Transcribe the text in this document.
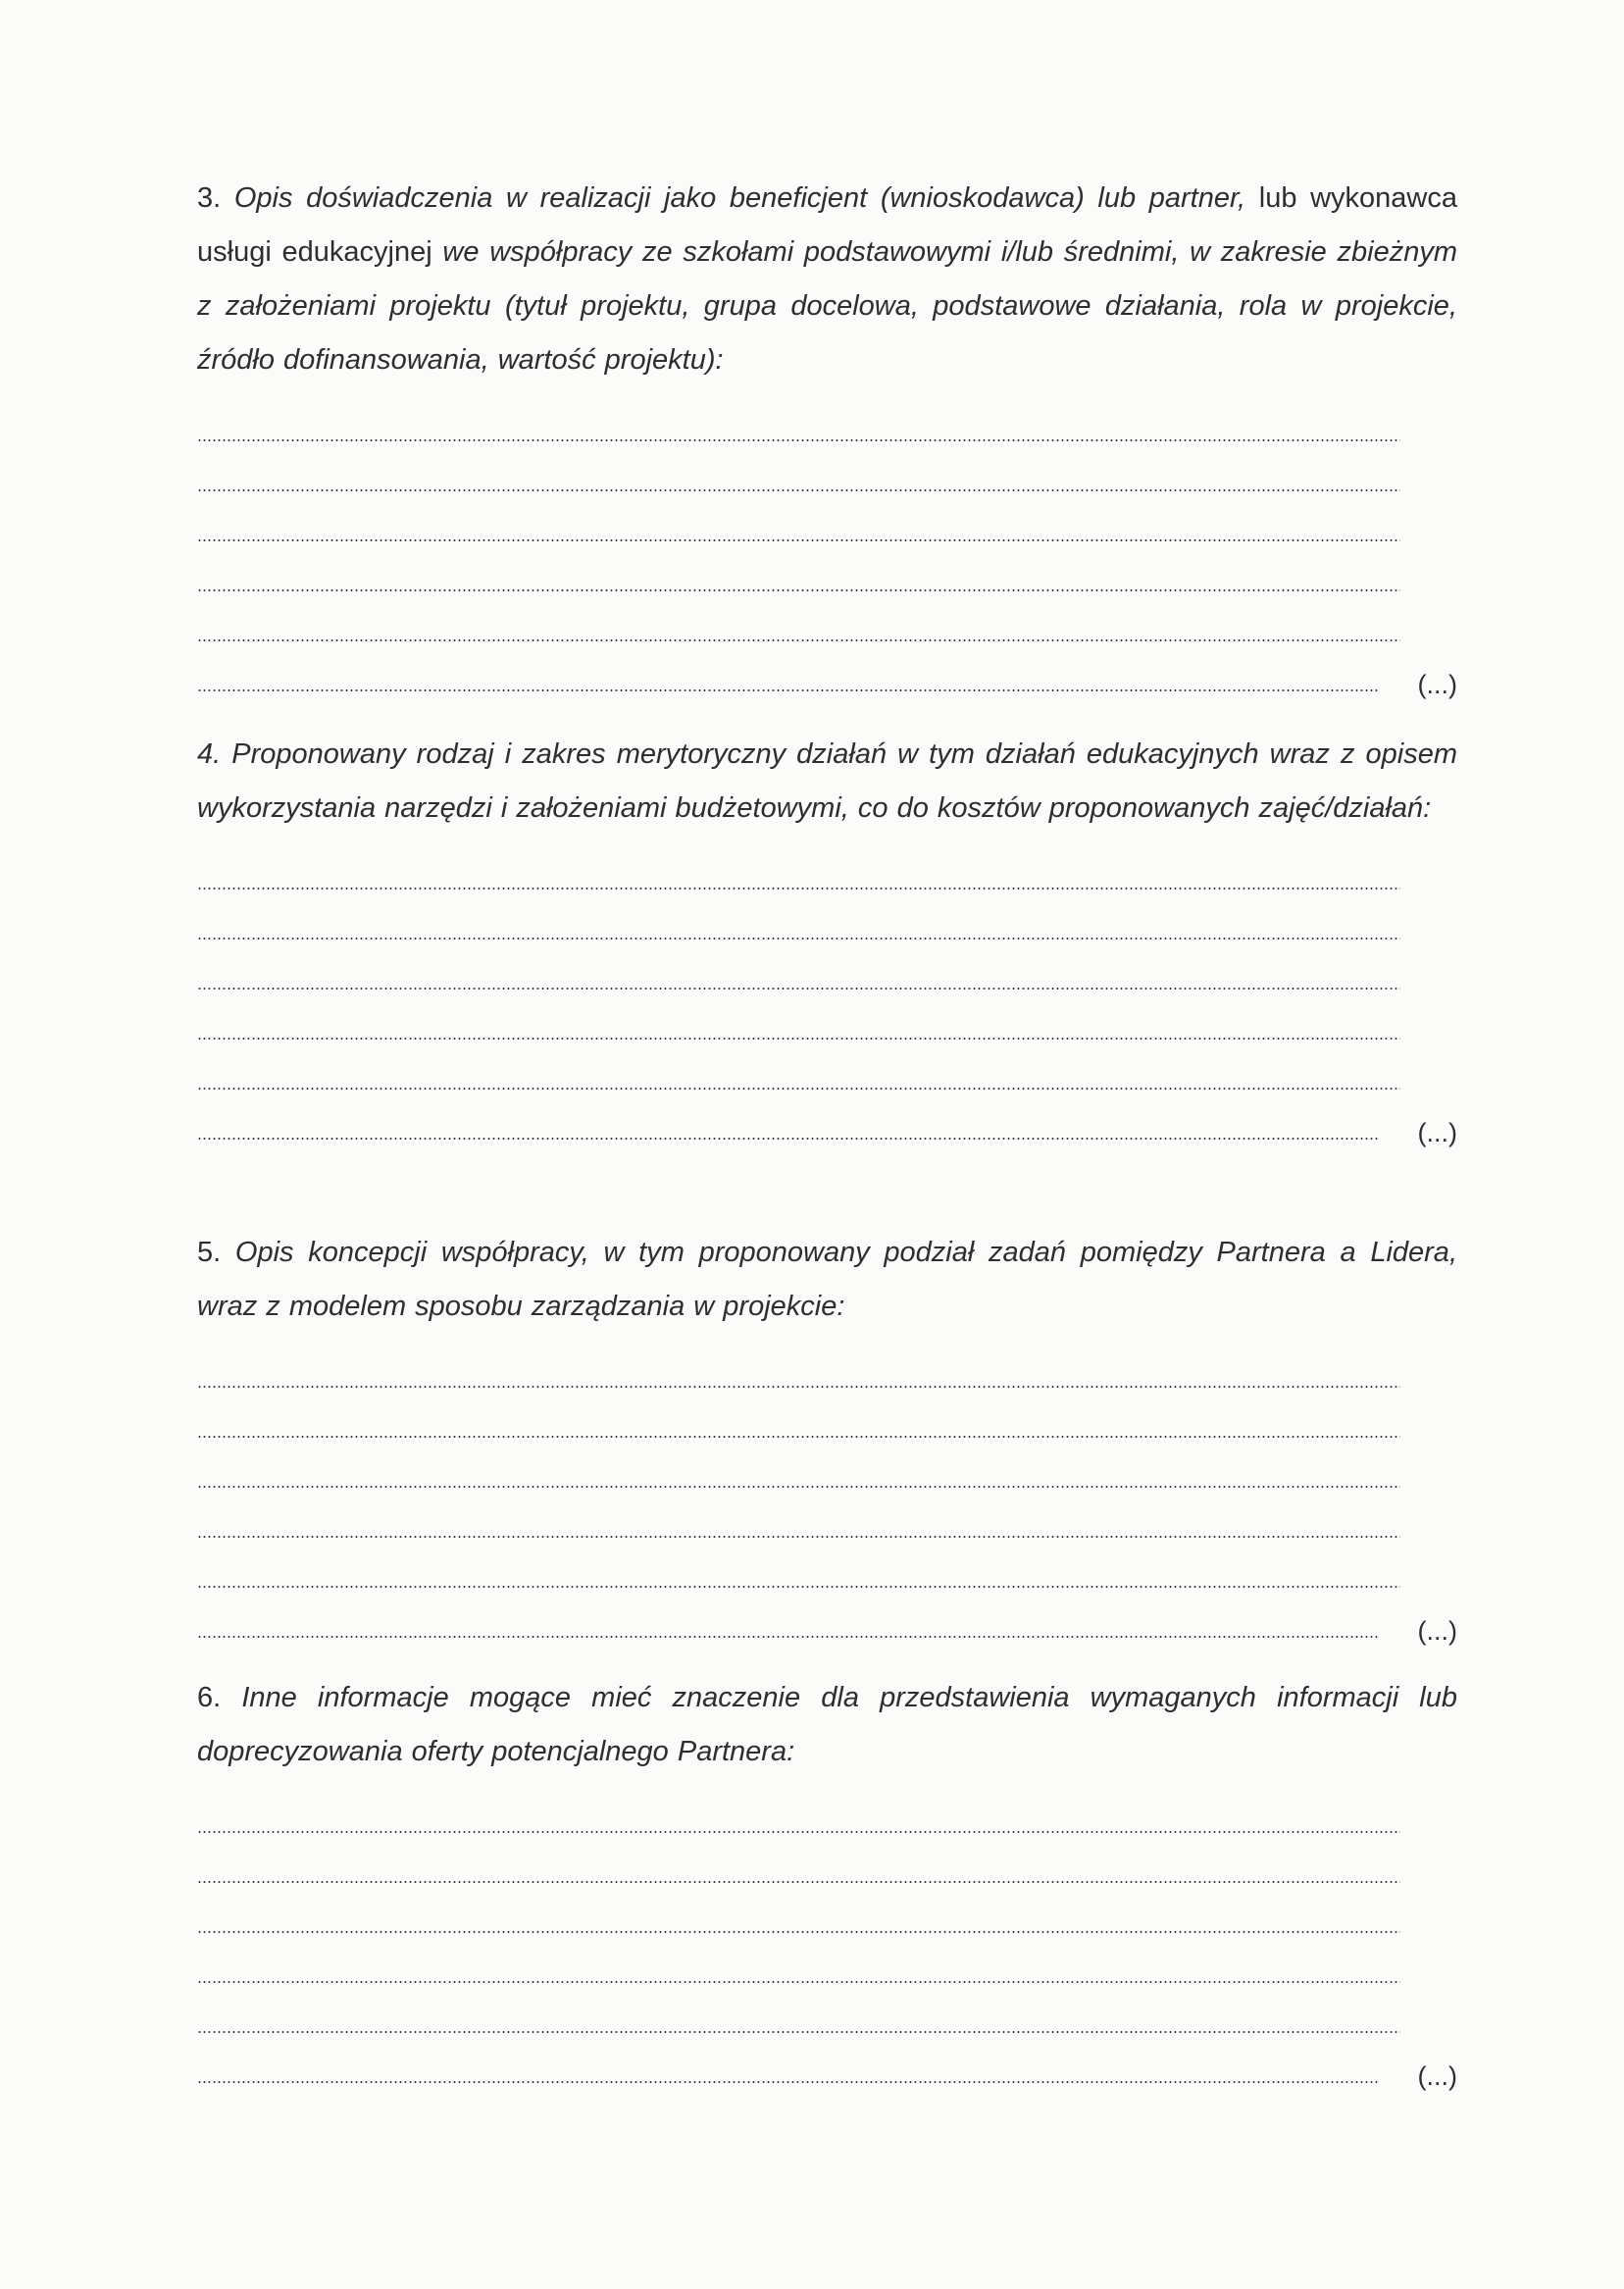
3. Opis doświadczenia w realizacji jako beneficjent (wnioskodawca) lub partner, lub wykonawca usługi edukacyjnej we współpracy ze szkołami podstawowymi i/lub średnimi, w zakresie zbieżnym z założeniami projektu (tytuł projektu, grupa docelowa, podstawowe działania, rola w projekcie, źródło dofinansowania, wartość projektu):

(...)

4. Proponowany rodzaj i zakres merytoryczny działań w tym działań edukacyjnych wraz z opisem wykorzystania narzędzi i założeniami budżetowymi, co do kosztów proponowanych zajęć/działań:

(...)

5. Opis koncepcji współpracy, w tym proponowany podział zadań pomiędzy Partnera a Lidera, wraz z modelem sposobu zarządzania w projekcie:

(...)

6. Inne informacje mogące mieć znaczenie dla przedstawienia wymaganych informacji lub doprecyzowania oferty potencjalnego Partnera:

(...)
